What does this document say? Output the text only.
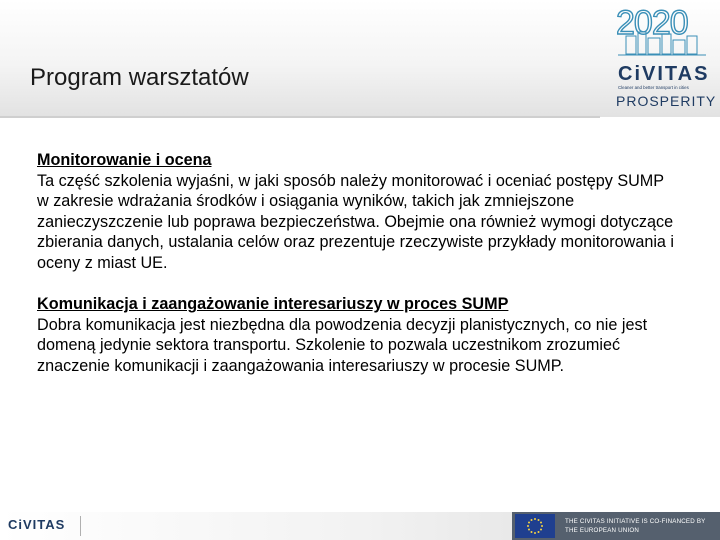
Program warsztatów
2020
CiVITAS
Cleaner and better transport in cities
PROSPERITY
Monitorowanie i ocena
Ta część szkolenia wyjaśni, w jaki sposób należy monitorować i oceniać postępy SUMP w zakresie wdrażania środków i osiągania wyników, takich jak zmniejszone zanieczyszczenie lub poprawa bezpieczeństwa. Obejmie ona również wymogi dotyczące zbierania danych, ustalania celów oraz prezentuje rzeczywiste przykłady monitorowania i oceny z miast UE.
Komunikacja i zaangażowanie interesariuszy w proces SUMP
Dobra komunikacja jest niezbędna dla powodzenia decyzji planistycznych, co nie jest domeną jedynie sektora transportu. Szkolenie to pozwala uczestnikom zrozumieć znaczenie komunikacji i zaangażowania interesariuszy w procesie SUMP.
CiVITAS	THE CIVITAS INITIATIVE IS CO-FINANCED BY
THE EUROPEAN UNION
